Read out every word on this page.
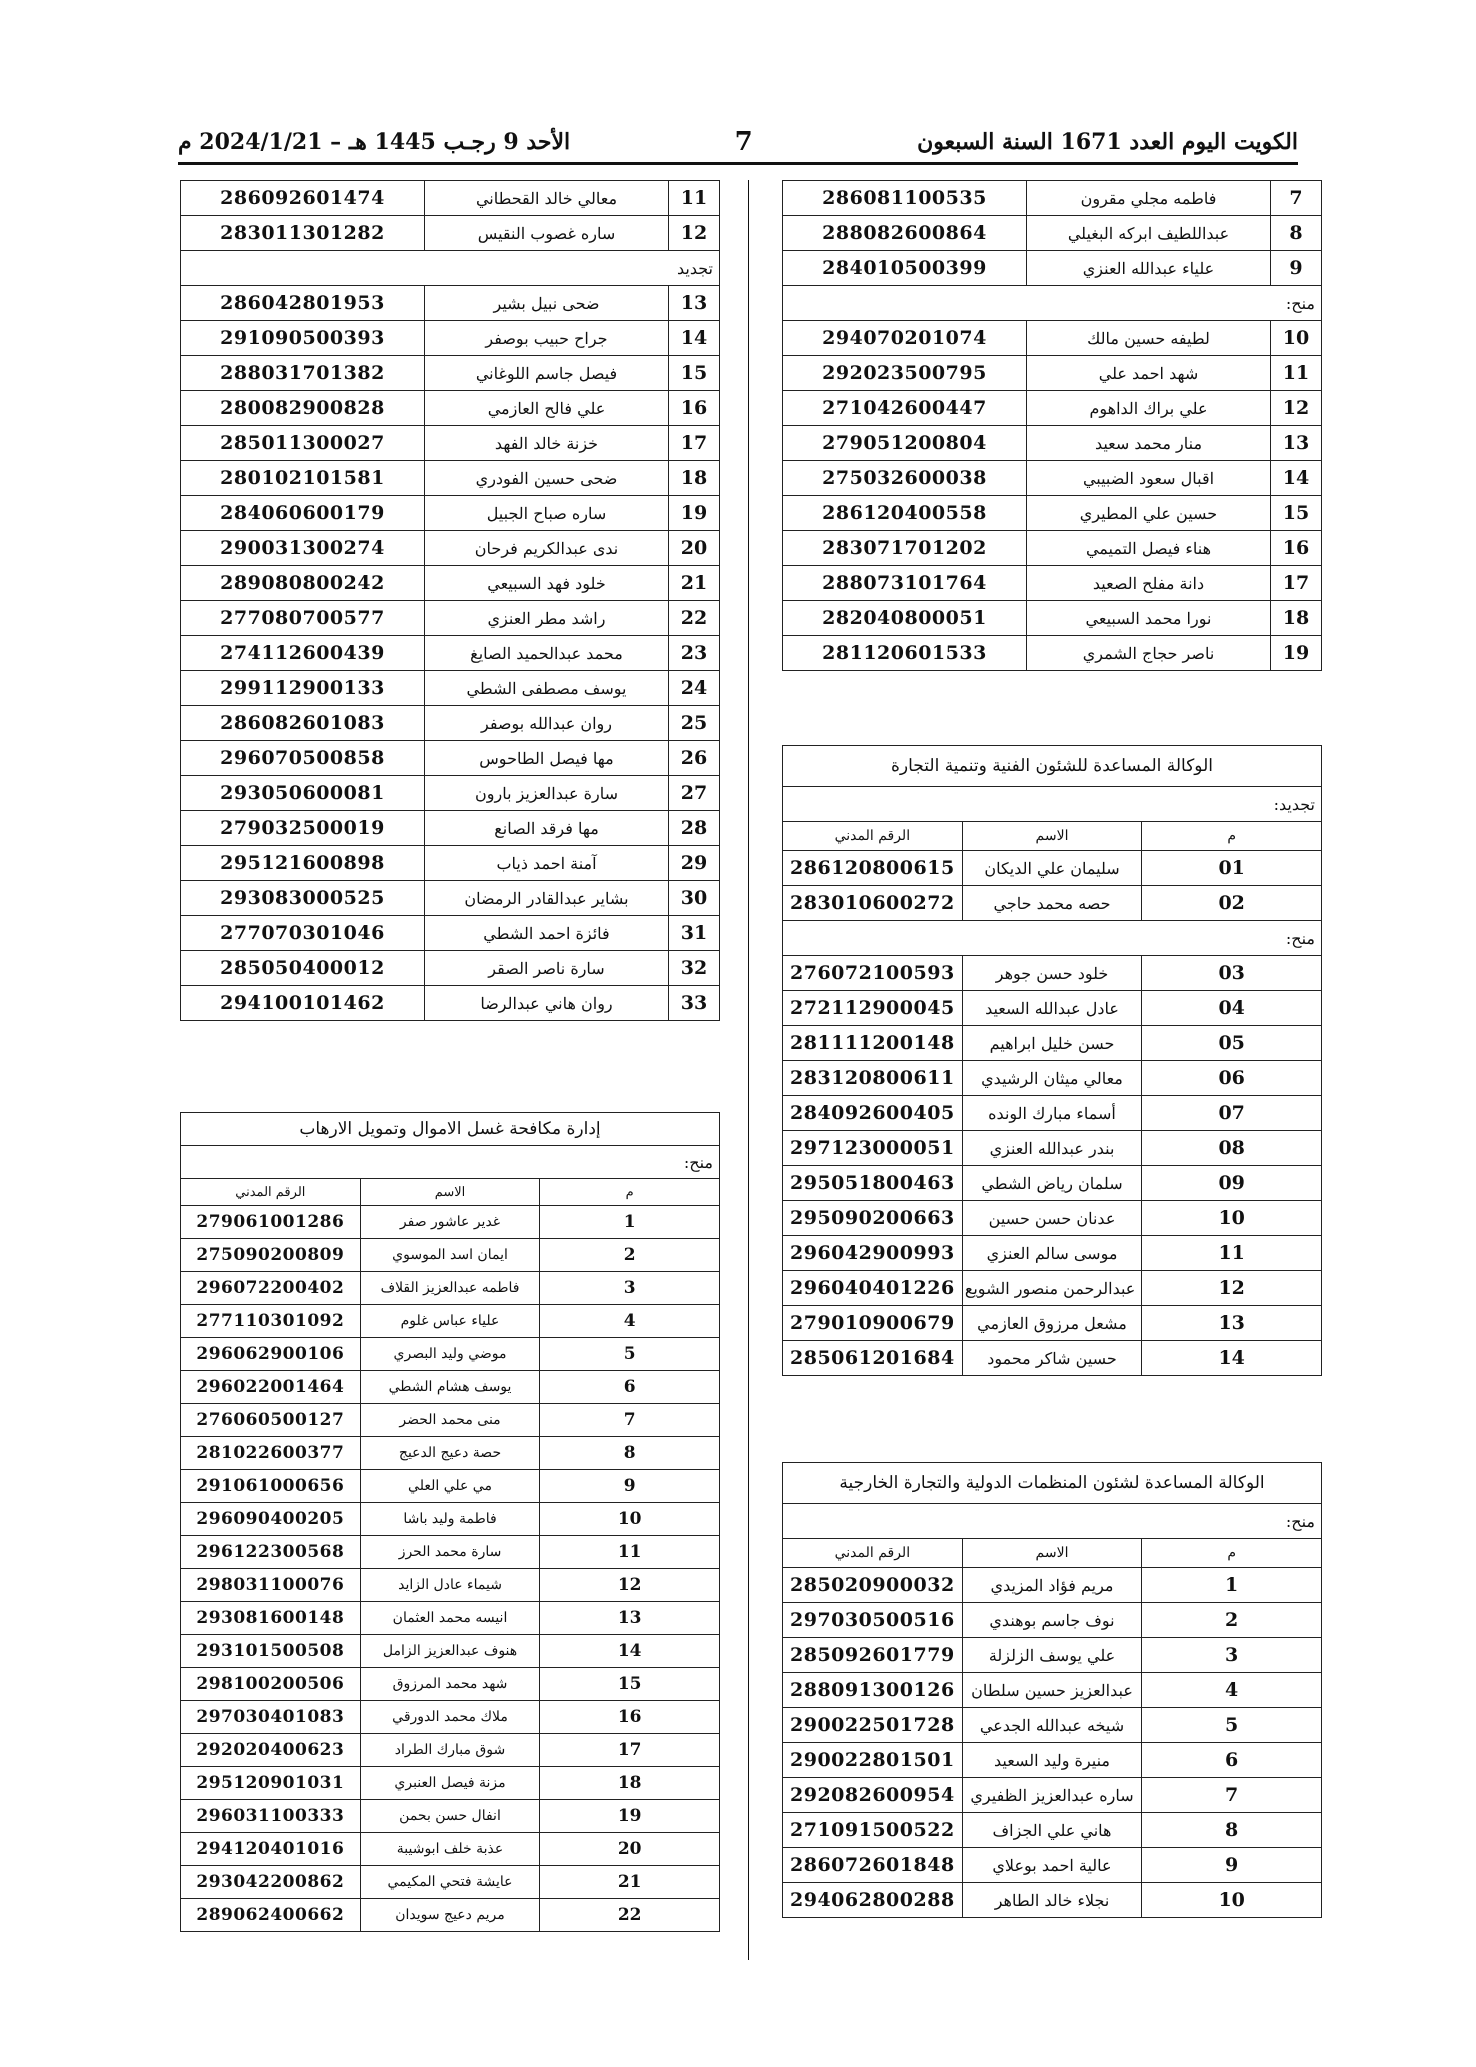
الكويت اليوم العدد 1671 السنة السبعون
7
الأحد 9 رجـب 1445 هـ – 2024/1/21 م
7	فاطمه مجلي مقرون	286081100535
8	عبداللطيف ابركه البغيلي	288082600864
9	علياء عبدالله العنزي	284010500399
منح:		
10	لطيفه حسين مالك	294070201074
11	شهد احمد علي	292023500795
12	علي براك الداهوم	271042600447
13	منار محمد سعيد	279051200804
14	اقبال سعود الضبيبي	275032600038
15	حسين علي المطيري	286120400558
16	هناء فيصل التميمي	283071701202
17	دانة مفلح الصعيد	288073101764
18	نورا محمد السبيعي	282040800051
19	ناصر حجاج الشمري	281120601533
الوكالة المساعدة للشئون الفنية وتنمية التجارة		
تجديد:		
م	الاسم	الرقم المدني
01	سليمان علي الديكان	286120800615
02	حصه محمد حاجي	283010600272
منح:		
03	خلود حسن جوهر	276072100593
04	عادل عبدالله السعيد	272112900045
05	حسن خليل ابراهيم	281111200148
06	معالي ميثان الرشيدي	283120800611
07	أسماء مبارك الونده	284092600405
08	بندر عبدالله العنزي	297123000051
09	سلمان رياض الشطي	295051800463
10	عدنان حسن حسين	295090200663
11	موسى سالم العنزي	296042900993
12	عبدالرحمن منصور الشويع	296040401226
13	مشعل مرزوق العازمي	279010900679
14	حسين شاكر محمود	285061201684
الوكالة المساعدة لشئون المنظمات الدولية والتجارة الخارجية		
منح:		
م	الاسم	الرقم المدني
1	مريم فؤاد المزيدي	285020900032
2	نوف جاسم بوهندي	297030500516
3	علي يوسف الزلزلة	285092601779
4	عبدالعزيز حسين سلطان	288091300126
5	شيخه عبدالله الجدعي	290022501728
6	منيرة وليد السعيد	290022801501
7	ساره عبدالعزيز الظفيري	292082600954
8	هاني علي الجزاف	271091500522
9	عالية احمد بوعلاي	286072601848
10	نجلاء خالد الطاهر	294062800288
11	معالي خالد القحطاني	286092601474
12	ساره غصوب النقيس	283011301282
تجديد		
13	ضحى نبيل بشير	286042801953
14	جراح حبيب بوصفر	291090500393
15	فيصل جاسم اللوغاني	288031701382
16	علي فالح العازمي	280082900828
17	خزنة خالد الفهد	285011300027
18	ضحى حسين الفودري	280102101581
19	ساره صباح الجبيل	284060600179
20	ندى عبدالكريم فرحان	290031300274
21	خلود فهد السبيعي	289080800242
22	راشد مطر العنزي	277080700577
23	محمد عبدالحميد الصايغ	274112600439
24	يوسف مصطفى الشطي	299112900133
25	روان عبدالله بوصفر	286082601083
26	مها فيصل الطاحوس	296070500858
27	سارة عبدالعزيز بارون	293050600081
28	مها فرقد الصانع	279032500019
29	آمنة احمد ذياب	295121600898
30	بشاير عبدالقادر الرمضان	293083000525
31	فائزة احمد الشطي	277070301046
32	سارة ناصر الصقر	285050400012
33	روان هاني عبدالرضا	294100101462
إدارة مكافحة غسل الاموال وتمويل الارهاب		
منح:		
م	الاسم	الرقم المدني
1	غدير عاشور صفر	279061001286
2	ايمان اسد الموسوي	275090200809
3	فاطمه عبدالعزيز القلاف	296072200402
4	علياء عباس غلوم	277110301092
5	موضي وليد البصري	296062900106
6	يوسف هشام الشطي	296022001464
7	منى محمد الحضر	276060500127
8	حصة دعيج الدعيج	281022600377
9	مي علي العلي	291061000656
10	فاطمة وليد باشا	296090400205
11	سارة محمد الحرز	296122300568
12	شيماء عادل الزايد	298031100076
13	انيسه محمد العثمان	293081600148
14	هنوف عبدالعزيز الزامل	293101500508
15	شهد محمد المرزوق	298100200506
16	ملاك محمد الدورقي	297030401083
17	شوق مبارك الطراد	292020400623
18	مزنة فيصل العنبري	295120901031
19	انفال حسن بحمن	296031100333
20	عذبة خلف ابوشيبة	294120401016
21	عايشة فتحي المكيمي	293042200862
22	مريم دعيج سويدان	289062400662
